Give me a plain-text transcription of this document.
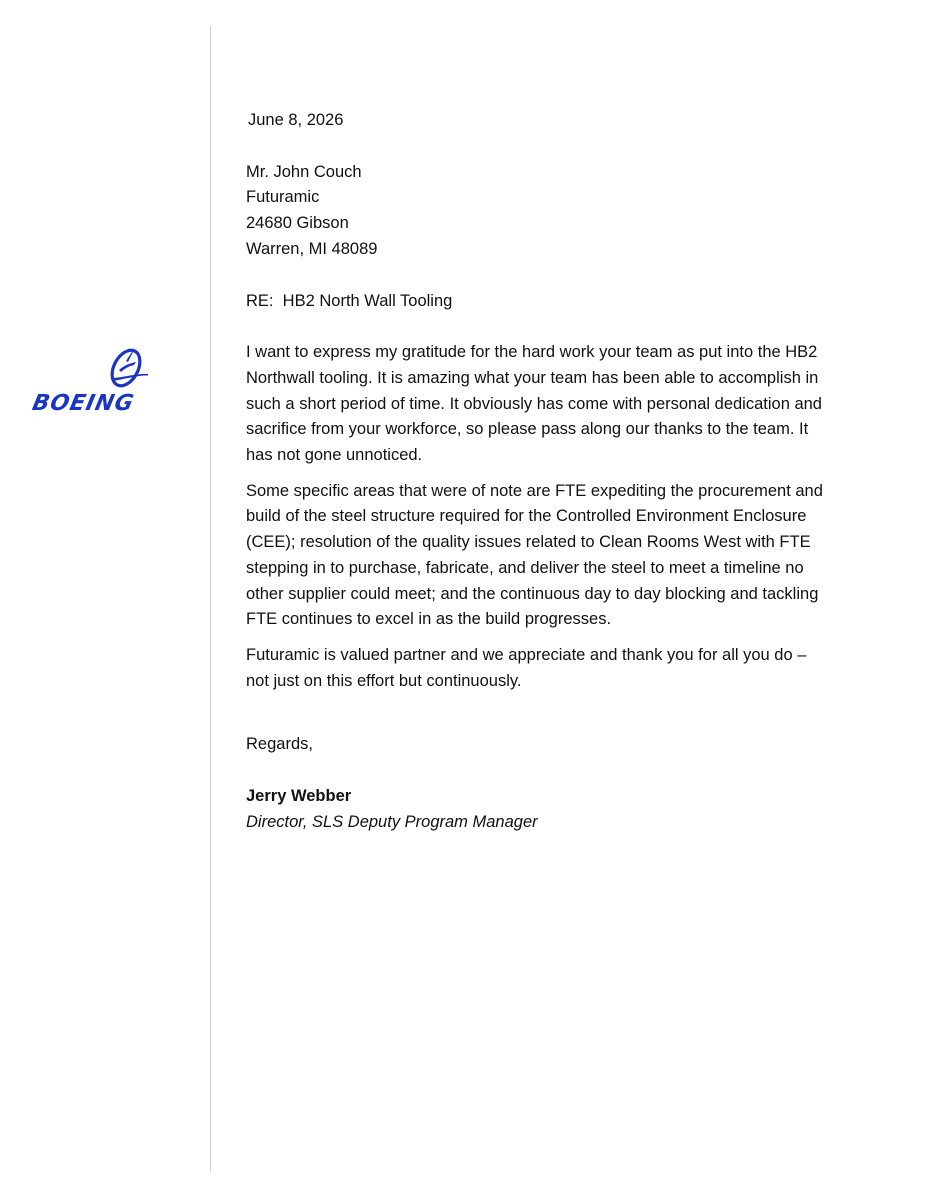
BOEING
June 8, 2026
Mr. John Couch
Futuramic
24680 Gibson
Warren, MI 48089
RE:  HB2 North Wall Tooling

I want to express my gratitude for the hard work your team as put into the HB2 Northwall tooling. It is amazing what your team has been able to accomplish in such a short period of time. It obviously has come with personal dedication and sacrifice from your workforce, so please pass along our thanks to the team. It has not gone unnoticed.

Some specific areas that were of note are FTE expediting the procurement and build of the steel structure required for the Controlled Environment Enclosure (CEE); resolution of the quality issues related to Clean Rooms West with FTE stepping in to purchase, fabricate, and deliver the steel to meet a timeline no other supplier could meet; and the continuous day to day blocking and tackling FTE continues to excel in as the build progresses.

Futuramic is valued partner and we appreciate and thank you for all you do – not just on this effort but continuously.

Regards,
Jerry Webber
Director, SLS Deputy Program Manager
